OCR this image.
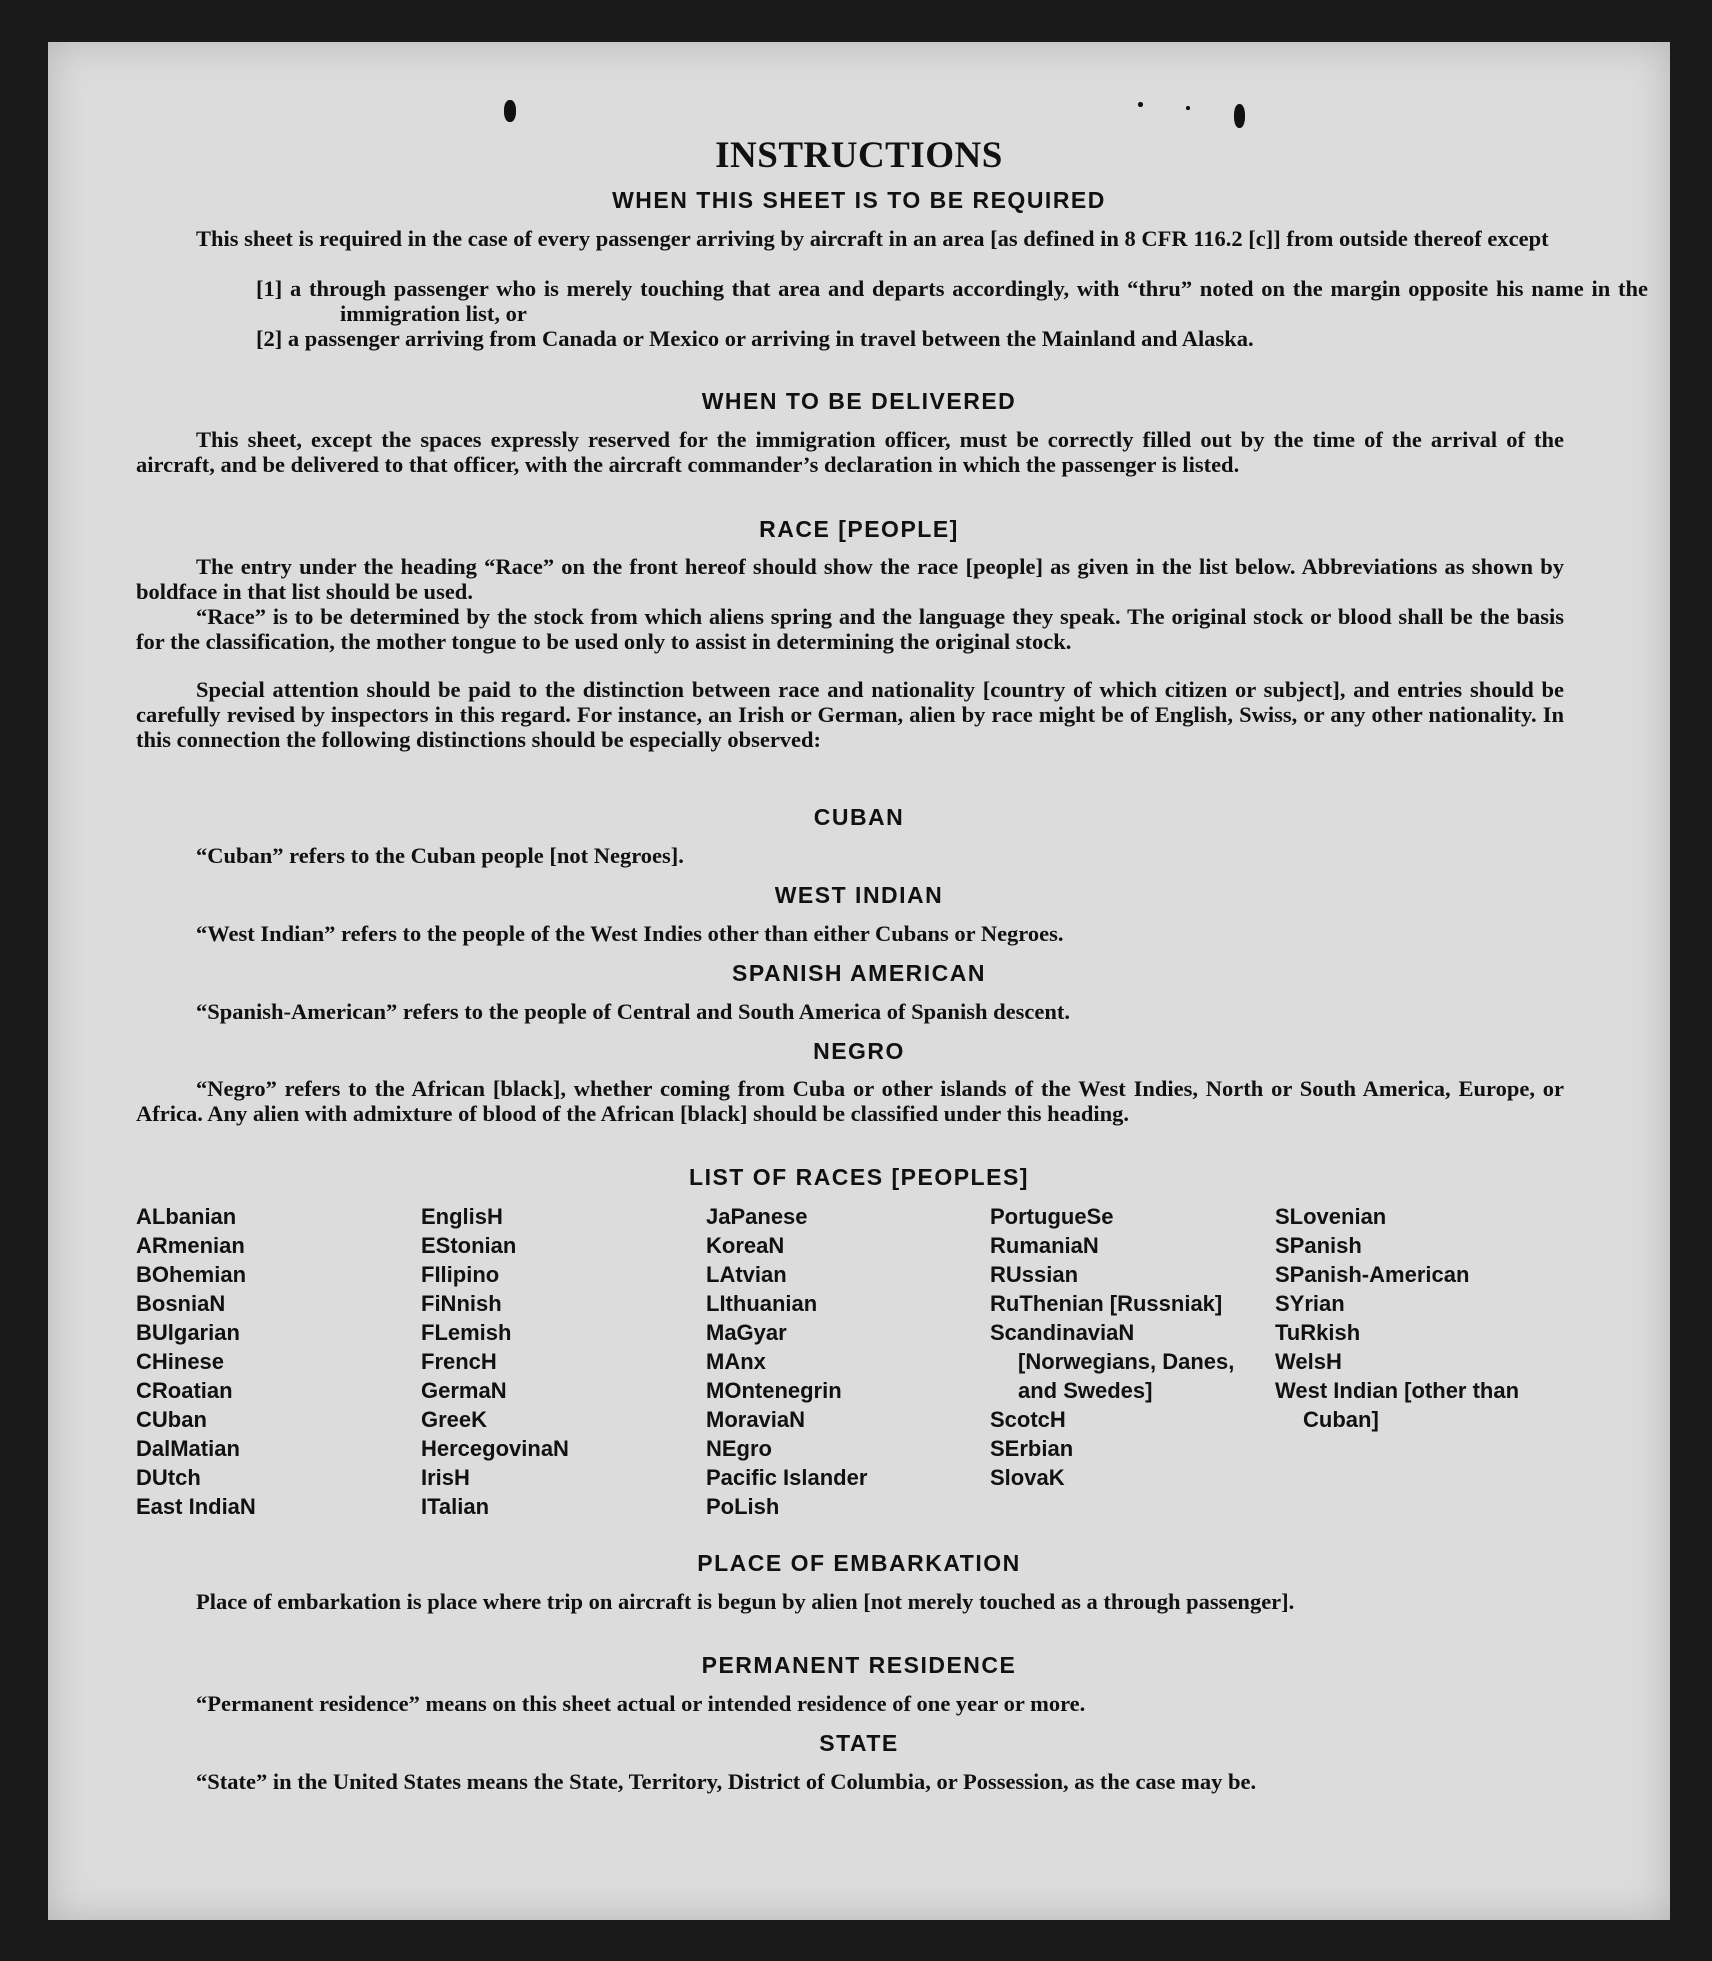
INSTRUCTIONS
WHEN THIS SHEET IS TO BE REQUIRED
This sheet is required in the case of every passenger arriving by aircraft in an area [as defined in 8 CFR 116.2 [c]] from outside thereof except
[1] a through passenger who is merely touching that area and departs accordingly, with “thru” noted on the margin opposite his name in the immigration list, or
[2] a passenger arriving from Canada or Mexico or arriving in travel between the Mainland and Alaska.
WHEN TO BE DELIVERED
This sheet, except the spaces expressly reserved for the immigration officer, must be correctly filled out by the time of the arrival of the aircraft, and be delivered to that officer, with the aircraft commander’s declaration in which the passenger is listed.
RACE [PEOPLE]
The entry under the heading “Race” on the front hereof should show the race [people] as given in the list below. Abbreviations as shown by boldface in that list should be used.
“Race” is to be determined by the stock from which aliens spring and the language they speak. The original stock or blood shall be the basis for the classification, the mother tongue to be used only to assist in determining the original stock.
Special attention should be paid to the distinction between race and nationality [country of which citizen or subject], and entries should be carefully revised by inspectors in this regard. For instance, an Irish or German, alien by race might be of English, Swiss, or any other nationality. In this connection the following distinctions should be especially observed:
CUBAN
“Cuban” refers to the Cuban people [not Negroes].
WEST INDIAN
“West Indian” refers to the people of the West Indies other than either Cubans or Negroes.
SPANISH AMERICAN
“Spanish-American” refers to the people of Central and South America of Spanish descent.
NEGRO
“Negro” refers to the African [black], whether coming from Cuba or other islands of the West Indies, North or South America, Europe, or Africa. Any alien with admixture of blood of the African [black] should be classified under this heading.
LIST OF RACES [PEOPLES]
ALbanian
ARmenian
BOhemian
BosniaN
BUlgarian
CHinese
CRoatian
CUban
DalMatian
DUtch
East IndiaN
EnglisH
EStonian
FIlipino
FiNnish
FLemish
FrencH
GermaN
GreeK
HercegovinaN
IrisH
ITalian
JaPanese
KoreaN
LAtvian
LIthuanian
MaGyar
MAnx
MOntenegrin
MoraviaN
NEgro
Pacific Islander
PoLish
PortugueSe
RumaniaN
RUssian
RuThenian [Russniak]
ScandinaviaN [Norwegians, Danes, and Swedes]
ScotcH
SErbian
SlovaK
SLovenian
SPanish
SPanish-American
SYrian
TuRkish
WelsH
West Indian [other than Cuban]
PLACE OF EMBARKATION
Place of embarkation is place where trip on aircraft is begun by alien [not merely touched as a through passenger].
PERMANENT RESIDENCE
“Permanent residence” means on this sheet actual or intended residence of one year or more.
STATE
“State” in the United States means the State, Territory, District of Columbia, or Possession, as the case may be.
